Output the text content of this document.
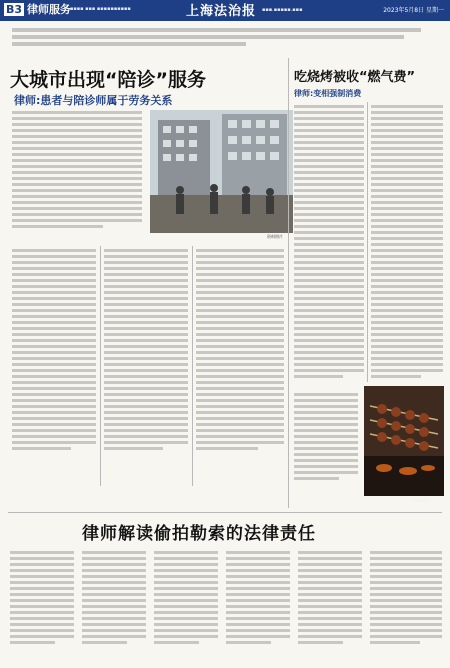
B3 律师服务
▪▪▪▪ ▪▪▪ ▪▪▪▪▪▪▪▪▪▪	上海法治报 ▪▪▪.▪▪▪▪▪.▪▪▪	2023年5月8日 星期一
大城市出现“陪诊”服务
律师:患者与陪诊师属于劳务关系
资料图片
吃烧烤被收“燃气费”
律师:变相强制消费
资料图片
律师解读偷拍勒索的法律责任
